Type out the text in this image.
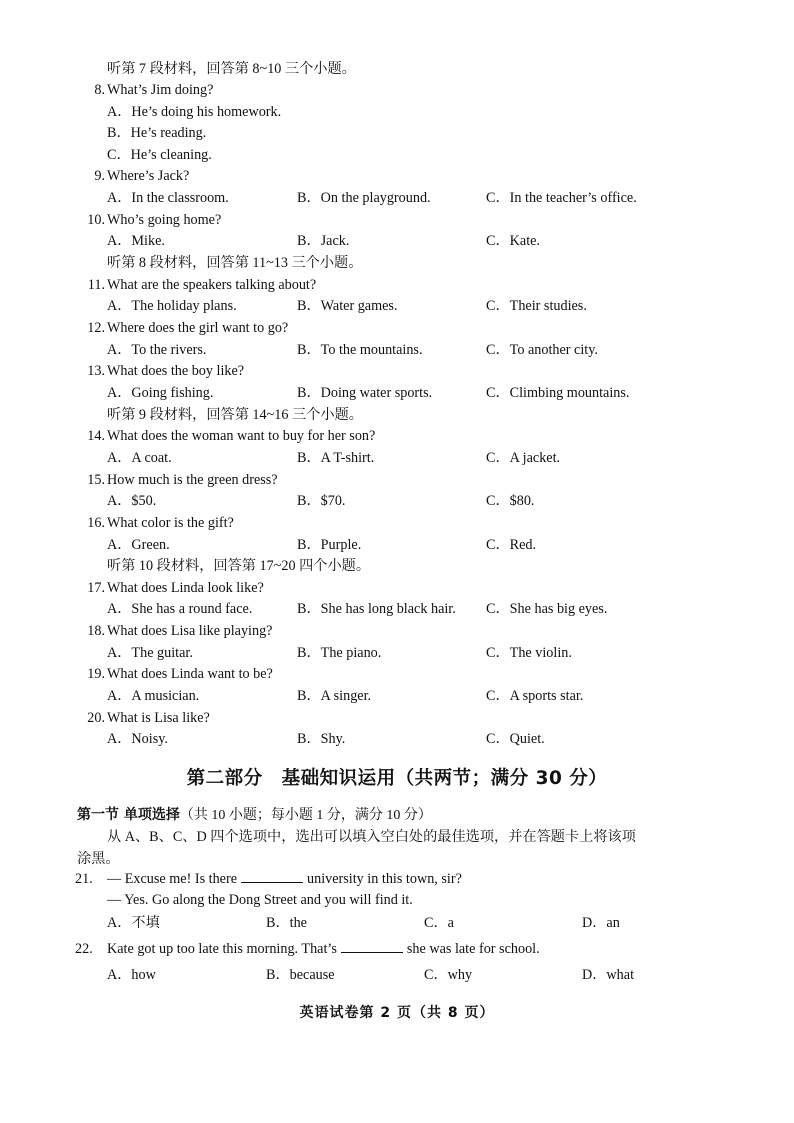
听第 7 段材料，回答第 8~10 三个小题。
8. What’s Jim doing?
A．He’s doing his homework.
B．He’s reading.
C．He’s cleaning.
9. Where’s Jack?
A．In the classroom.	B．On the playground.	C．In the teacher’s office.
10. Who’s going home?
A．Mike.	B．Jack.	C．Kate.
听第 8 段材料，回答第 11~13 三个小题。
11. What are the speakers talking about?
A．The holiday plans.	B．Water games.	C．Their studies.
12. Where does the girl want to go?
A．To the rivers.	B．To the mountains.	C．To another city.
13. What does the boy like?
A．Going fishing.	B．Doing water sports.	C．Climbing mountains.
听第 9 段材料，回答第 14~16 三个小题。
14. What does the woman want to buy for her son?
A．A coat.	B．A T-shirt.	C．A jacket.
15. How much is the green dress?
A．$50.	B．$70.	C．$80.
16. What color is the gift?
A．Green.	B．Purple.	C．Red.
听第 10 段材料，回答第 17~20 四个小题。
17. What does Linda look like?
A．She has a round face.	B．She has long black hair. C．She has big eyes.
18. What does Lisa like playing?
A．The guitar.	B．The piano.	C．The violin.
19. What does Linda want to be?
A．A musician.	B．A singer.	C．A sports star.
20. What is Lisa like?
A．Noisy.	B．Shy.	C．Quiet.
第二部分　基础知识运用（共两节；满分 30 分）
第一节 单项选择（共 10 小题；每小题 1 分，满分 10 分）
从 A、B、C、D 四个选项中，选出可以填入空白处的最佳选项，并在答题卡上将该项
涂黑。
21.	— Excuse me! Is there	university in this town, sir?
— Yes. Go along the Dong Street and you will find it.
A．不填	B．the	C．a	D．an
22.	Kate got up too late this morning. That’s	she was late for school.
A．how	B．because	C．why	D．what
英语试卷第 2 页（共 8 页）
